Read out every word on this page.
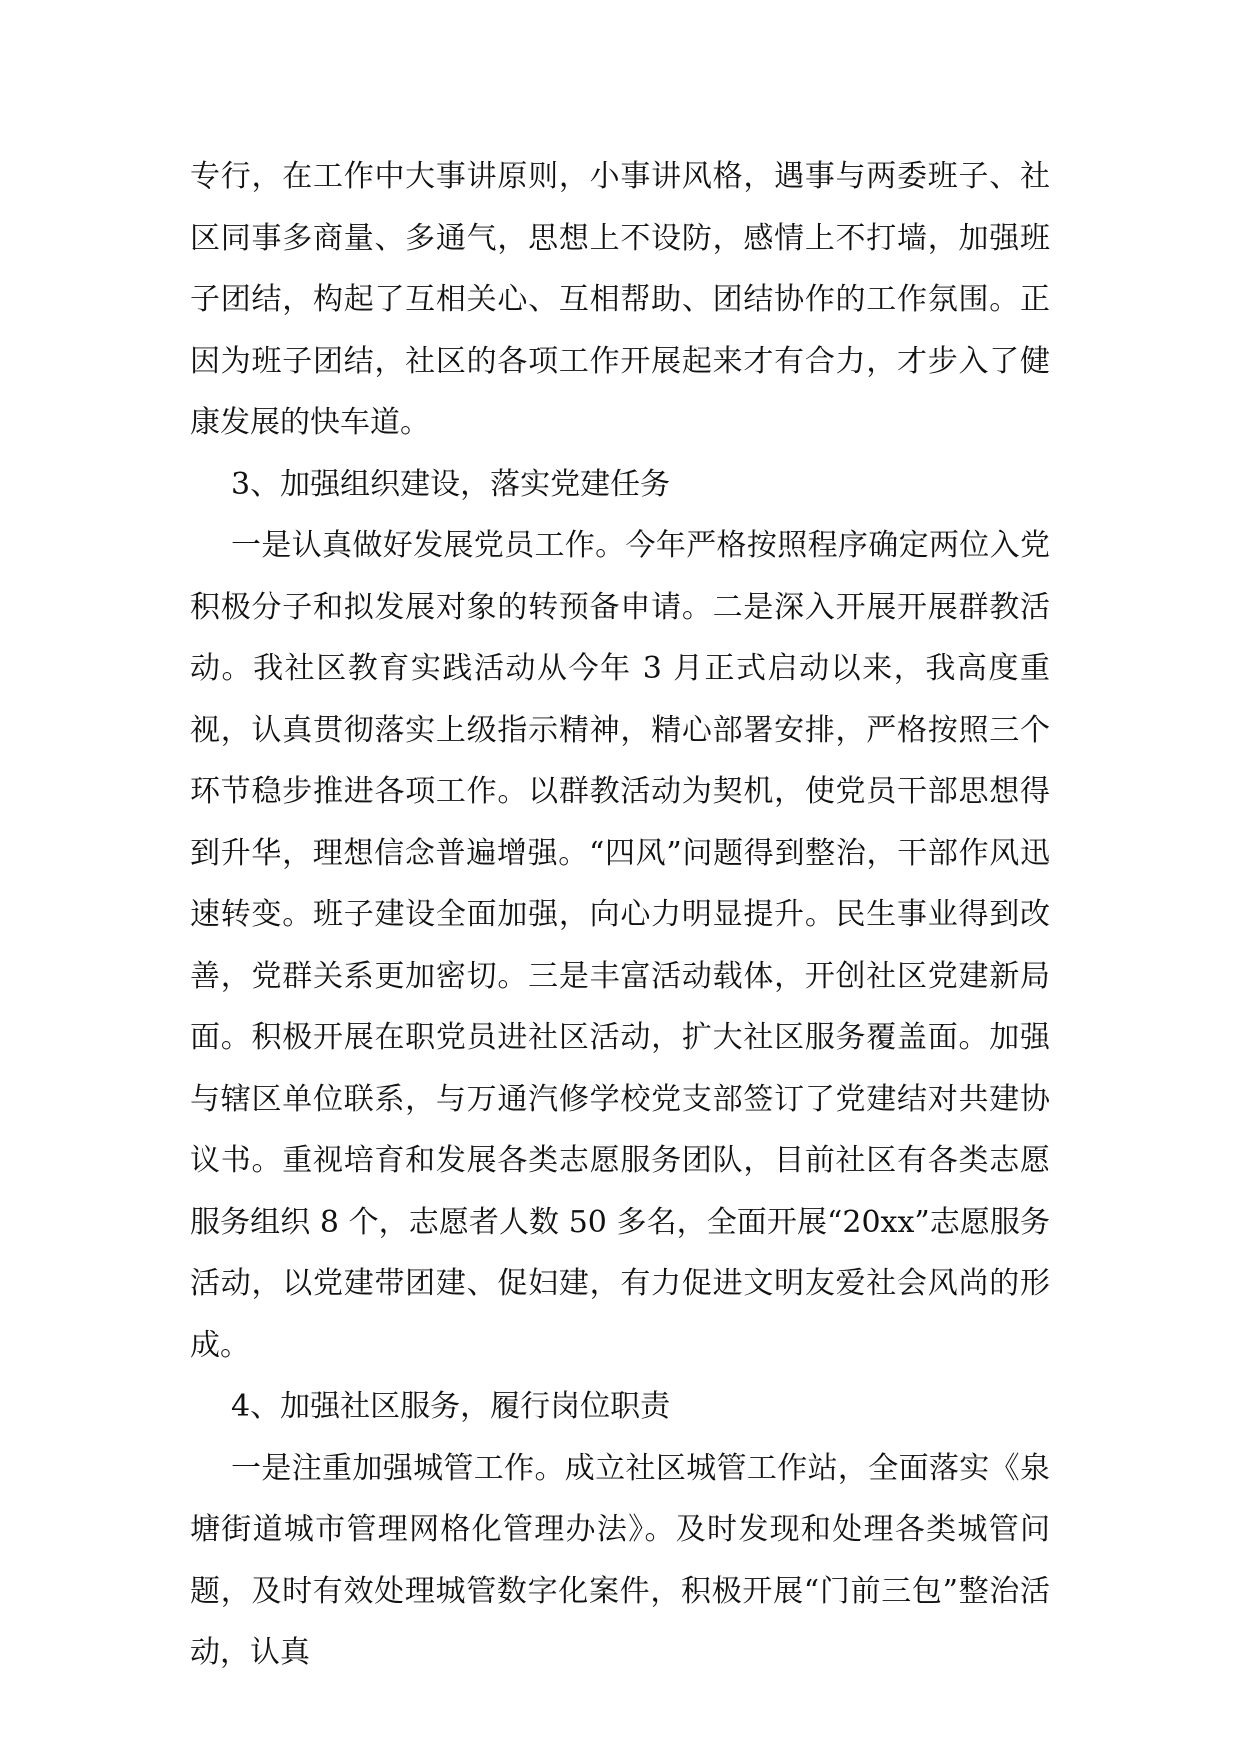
专行，在工作中大事讲原则，小事讲风格，遇事与两委班子、社区同事多商量、多通气，思想上不设防，感情上不打墙，加强班子团结，构起了互相关心、互相帮助、团结协作的工作氛围。正因为班子团结，社区的各项工作开展起来才有合力，才步入了健康发展的快车道。

3、加强组织建设，落实党建任务

一是认真做好发展党员工作。今年严格按照程序确定两位入党积极分子和拟发展对象的转预备申请。二是深入开展开展群教活动。我社区教育实践活动从今年 3 月正式启动以来，我高度重视，认真贯彻落实上级指示精神，精心部署安排，严格按照三个环节稳步推进各项工作。以群教活动为契机，使党员干部思想得到升华，理想信念普遍增强。“四风”问题得到整治，干部作风迅速转变。班子建设全面加强，向心力明显提升。民生事业得到改善，党群关系更加密切。三是丰富活动载体，开创社区党建新局面。积极开展在职党员进社区活动，扩大社区服务覆盖面。加强与辖区单位联系，与万通汽修学校党支部签订了党建结对共建协议书。重视培育和发展各类志愿服务团队，目前社区有各类志愿服务组织 8 个，志愿者人数 50 多名，全面开展“20xx”志愿服务活动，以党建带团建、促妇建，有力促进文明友爱社会风尚的形成。

4、加强社区服务，履行岗位职责

一是注重加强城管工作。成立社区城管工作站，全面落实《泉塘街道城市管理网格化管理办法》。及时发现和处理各类城管问题，及时有效处理城管数字化案件，积极开展“门前三包”整治活动，认真
